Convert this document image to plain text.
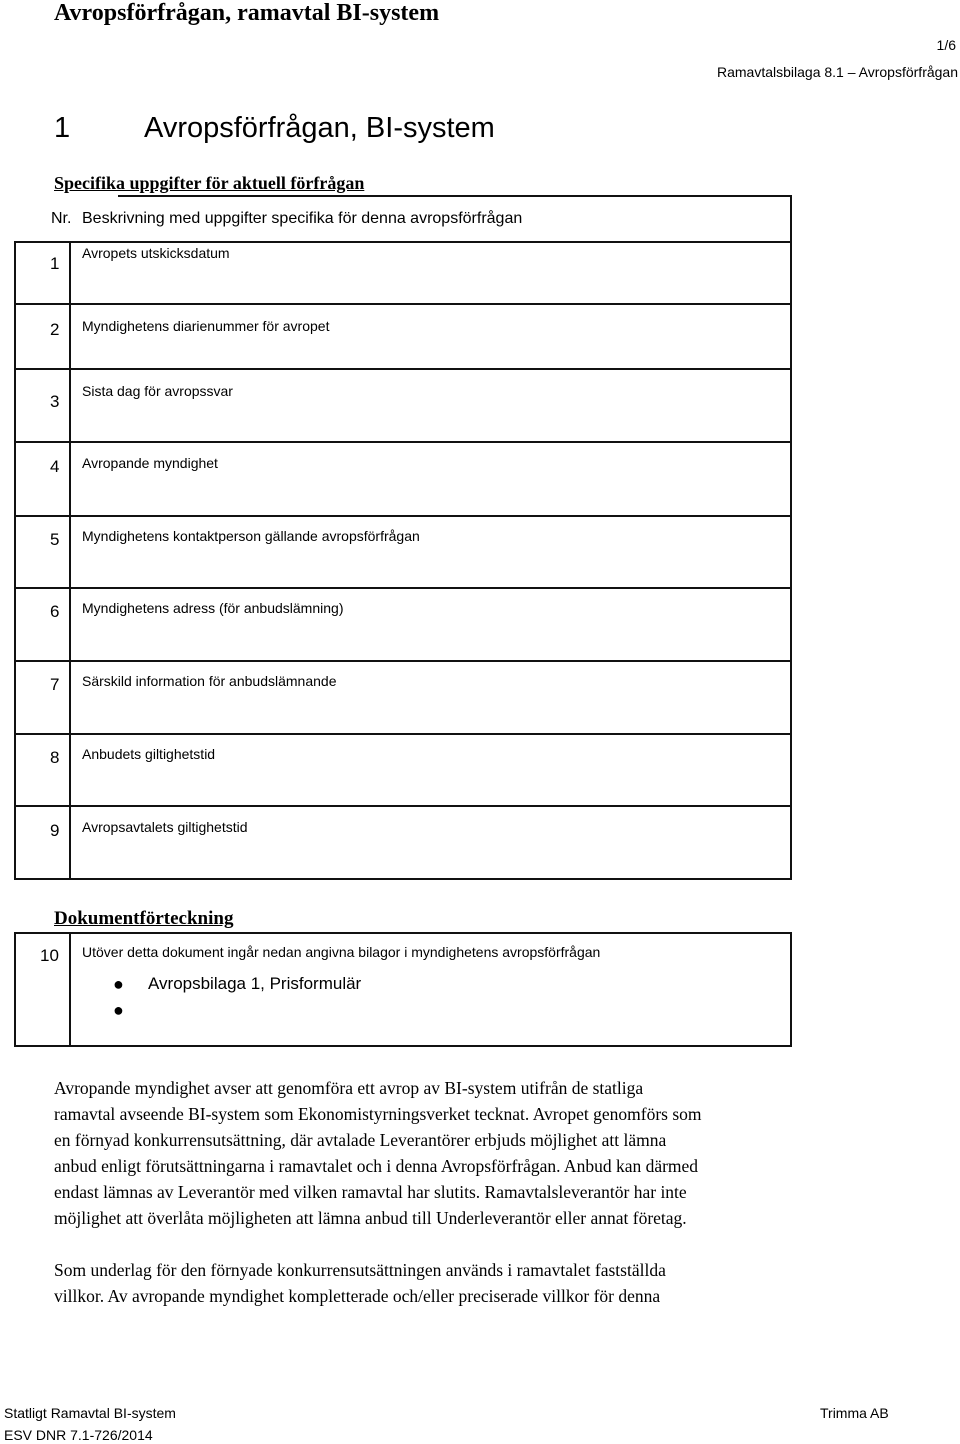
Avropsförfrågan, ramavtal BI-system
1/6
Ramavtalsbilaga 8.1 – Avropsförfrågan
1	Avropsförfrågan, BI-system
Specifika uppgifter för aktuell förfrågan
Nr. Beskrivning med uppgifter specifika för denna avropsförfrågan
1
Avropets utskicksdatum
2 Myndighetens diarienummer för avropet
3
Sista dag för avropssvar
4 Avropande myndighet
5 Myndighetens kontaktperson gällande avropsförfrågan
6 Myndighetens adress (för anbudslämning)
7 Särskild information för anbudslämnande
8 Anbudets giltighetstid
9 Avropsavtalets giltighetstid
Dokumentförteckning
10 Utöver detta dokument ingår nedan angivna bilagor i myndighetens avropsförfrågan
● Avropsbilaga 1, Prisformulär
●
Avropande myndighet avser att genomföra ett avrop av BI-system utifrån de statliga
ramavtal avseende BI-system som Ekonomistyrningsverket tecknat. Avropet genomförs som
en förnyad konkurrensutsättning, där avtalade Leverantörer erbjuds möjlighet att lämna
anbud enligt förutsättningarna i ramavtalet och i denna Avropsförfrågan. Anbud kan därmed
endast lämnas av Leverantör med vilken ramavtal har slutits. Ramavtalsleverantör har inte
möjlighet att överlåta möjligheten att lämna anbud till Underleverantör eller annat företag.
Som underlag för den förnyade konkurrensutsättningen används i ramavtalet fastställda
villkor. Av avropande myndighet kompletterade och/eller preciserade villkor för denna
Statligt Ramavtal BI-system
ESV DNR 7.1-726/2014
Trimma AB
